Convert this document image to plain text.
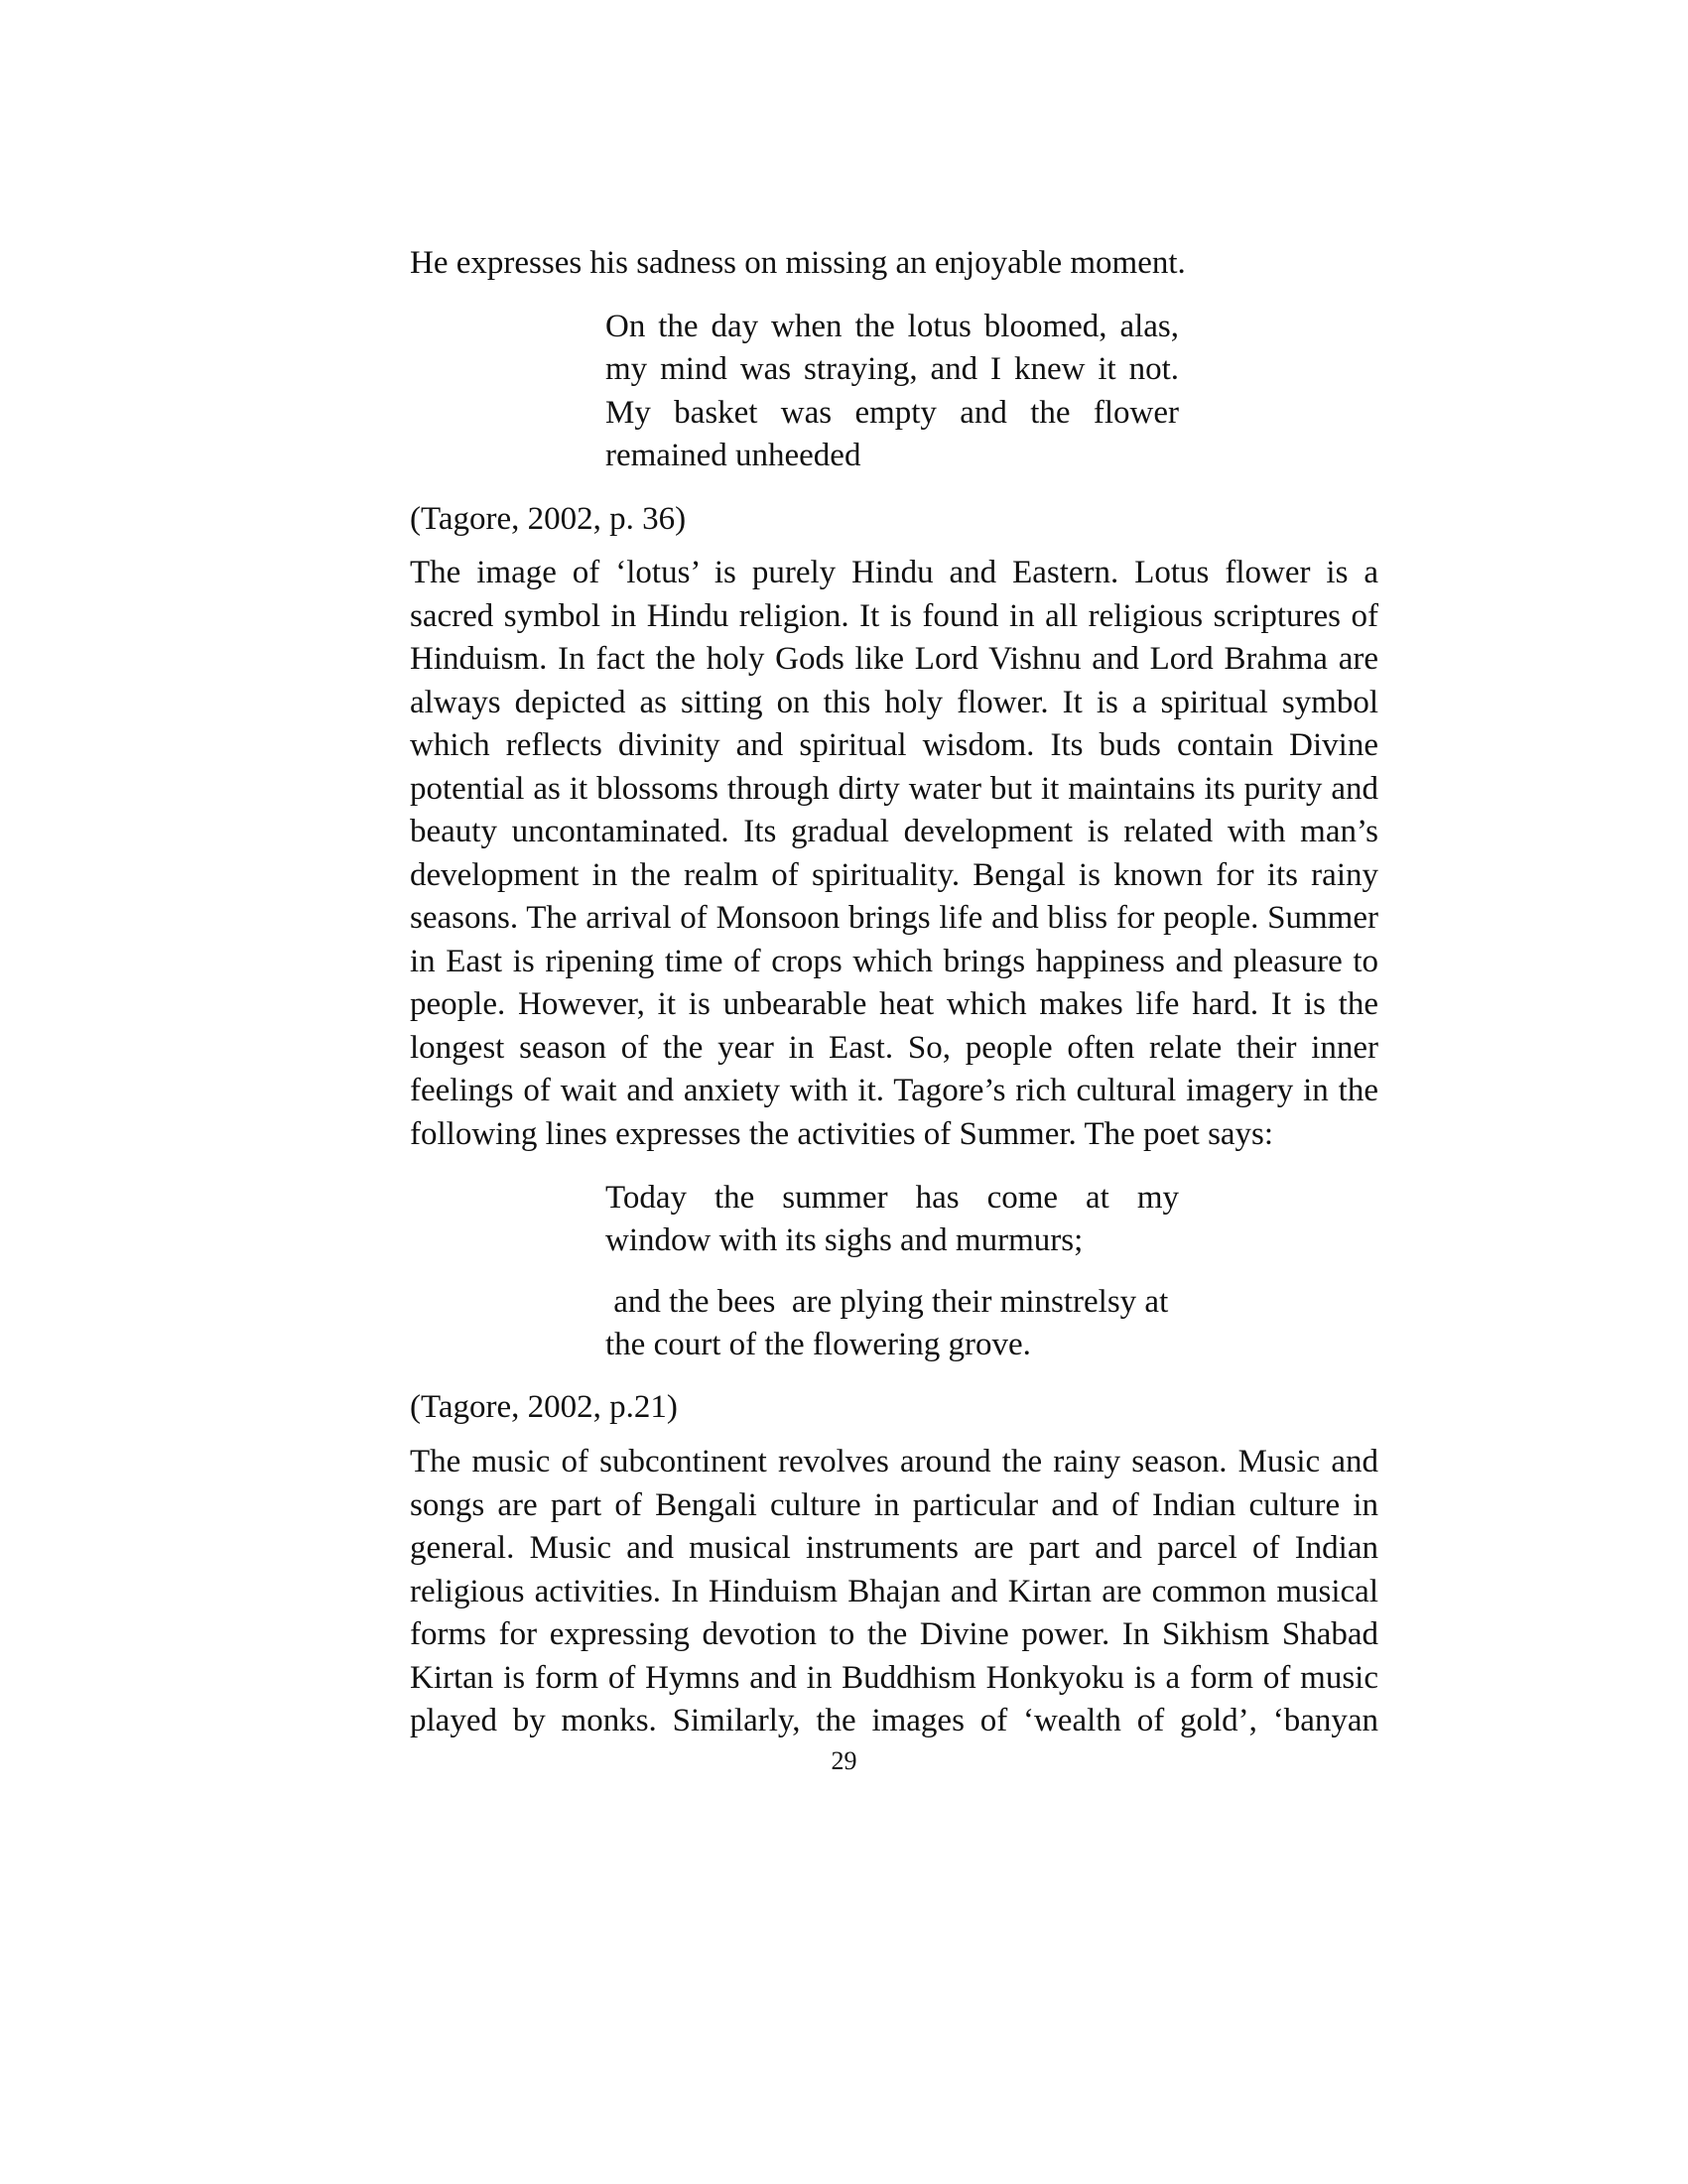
He expresses his sadness on missing an enjoyable moment.

On the day when the lotus bloomed, alas,

my mind was straying, and I knew it not.

My basket was empty and the flower

remained unheeded

(Tagore, 2002, p. 36)

The image of ‘lotus’ is purely Hindu and Eastern. Lotus flower is a

sacred symbol in Hindu religion. It is found in all religious scriptures of

Hinduism. In fact the holy Gods like Lord Vishnu and Lord Brahma are

always depicted as sitting on this holy flower. It is a spiritual symbol

which reflects divinity and spiritual wisdom. Its buds contain Divine

potential as it blossoms through dirty water but it maintains its purity and

beauty uncontaminated. Its gradual development is related with man’s

development in the realm of spirituality. Bengal is known for its rainy

seasons. The arrival of Monsoon brings life and bliss for people. Summer

in East is ripening time of crops which brings happiness and pleasure to

people. However, it is unbearable heat which makes life hard. It is the

longest season of the year in East. So, people often relate their inner

feelings of wait and anxiety with it. Tagore’s rich cultural imagery in the

following lines expresses the activities of Summer. The poet says:

Today the summer has come at my

window with its sighs and murmurs;

and the bees  are plying their minstrelsy at

the court of the flowering grove.

(Tagore, 2002, p.21)

The music of subcontinent revolves around the rainy season. Music and

songs are part of Bengali culture in particular and of Indian culture in

general. Music and musical instruments are part and parcel of Indian

religious activities. In Hinduism Bhajan and Kirtan are common musical

forms for expressing devotion to the Divine power. In Sikhism Shabad

Kirtan is form of Hymns and in Buddhism Honkyoku is a form of music

played by monks. Similarly, the images of ‘wealth of gold’, ‘banyan

29
